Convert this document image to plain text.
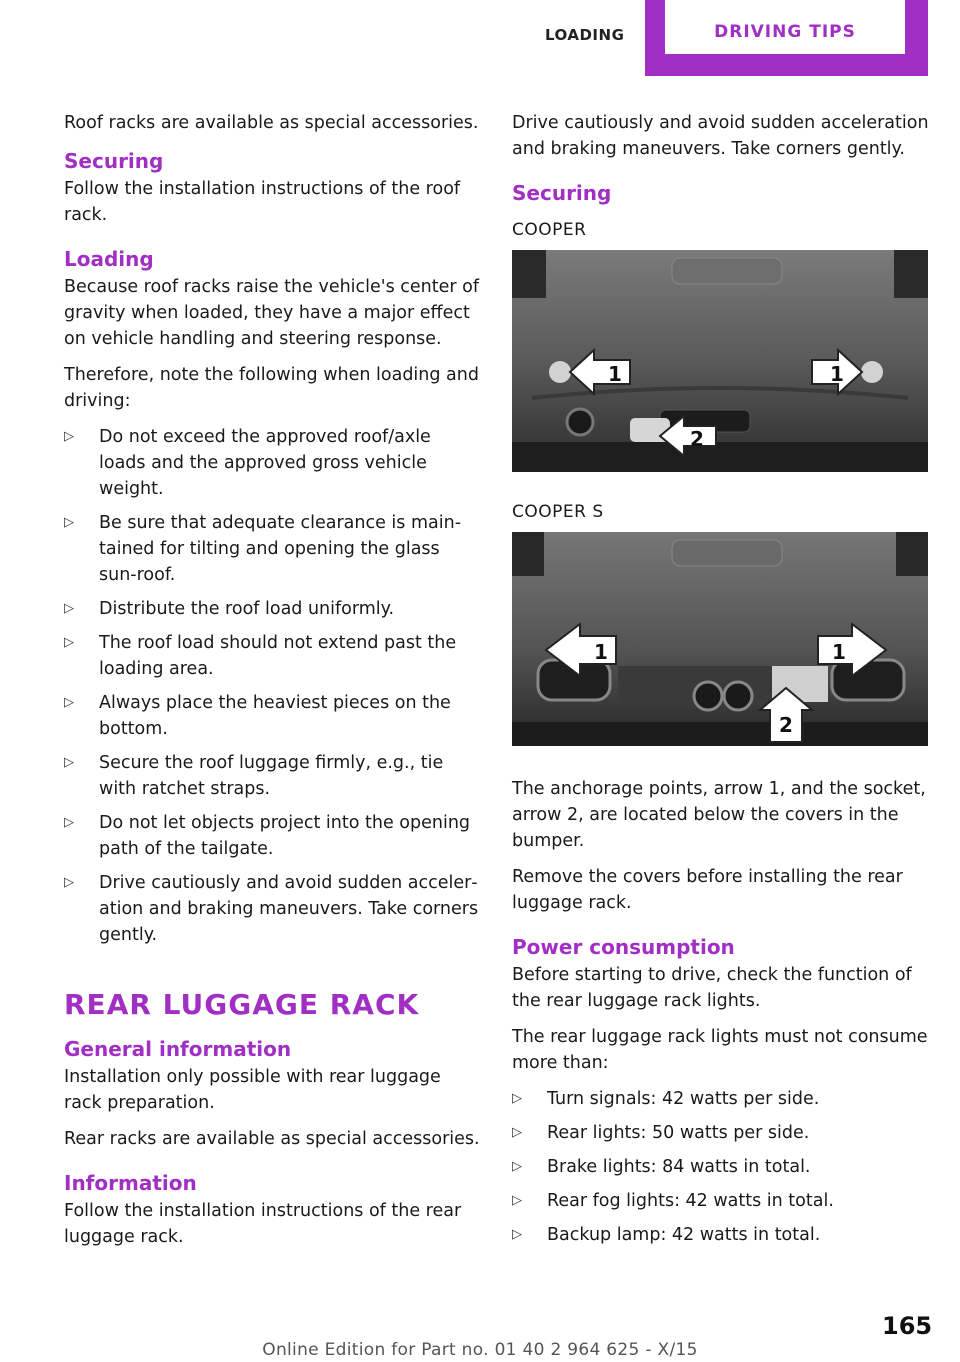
LOADING	DRIVING TIPS

Roof racks are available as special accessories.

Securing

Follow the installation instructions of the roof rack.

Loading

Because roof racks raise the vehicle's center of gravity when loaded, they have a major effect on vehicle handling and steering response.

Therefore, note the following when loading and driving:

▷	Do not exceed the approved roof/axle loads and the approved gross vehicle weight.
▷	Be sure that adequate clearance is main‐tained for tilting and opening the glass sun‐roof.
▷	Distribute the roof load uniformly.
▷	The roof load should not extend past the loading area.
▷	Always place the heaviest pieces on the bottom.
▷	Secure the roof luggage firmly, e.g., tie with ratchet straps.
▷	Do not let objects project into the opening path of the tailgate.
▷	Drive cautiously and avoid sudden acceler‐ation and braking maneuvers. Take corners gently.
REAR LUGGAGE RACK
General information

Installation only possible with rear luggage rack preparation.

Rear racks are available as special accessories.

Information

Follow the installation instructions of the rear luggage rack.

Drive cautiously and avoid sudden acceleration and braking maneuvers. Take corners gently.

Securing
COOPER
1	1
2
COOPER S
1	1
2

The anchorage points, arrow 1, and the socket, arrow 2, are located below the covers in the bumper.

Remove the covers before installing the rear luggage rack.

Power consumption

Before starting to drive, check the function of the rear luggage rack lights.

The rear luggage rack lights must not consume more than:

▷	Turn signals: 42 watts per side.
▷	Rear lights: 50 watts per side.
▷	Brake lights: 84 watts in total.
▷	Rear fog lights: 42 watts in total.
▷	Backup lamp: 42 watts in total.
165
Online Edition for Part no. 01 40 2 964 625 - X/15
